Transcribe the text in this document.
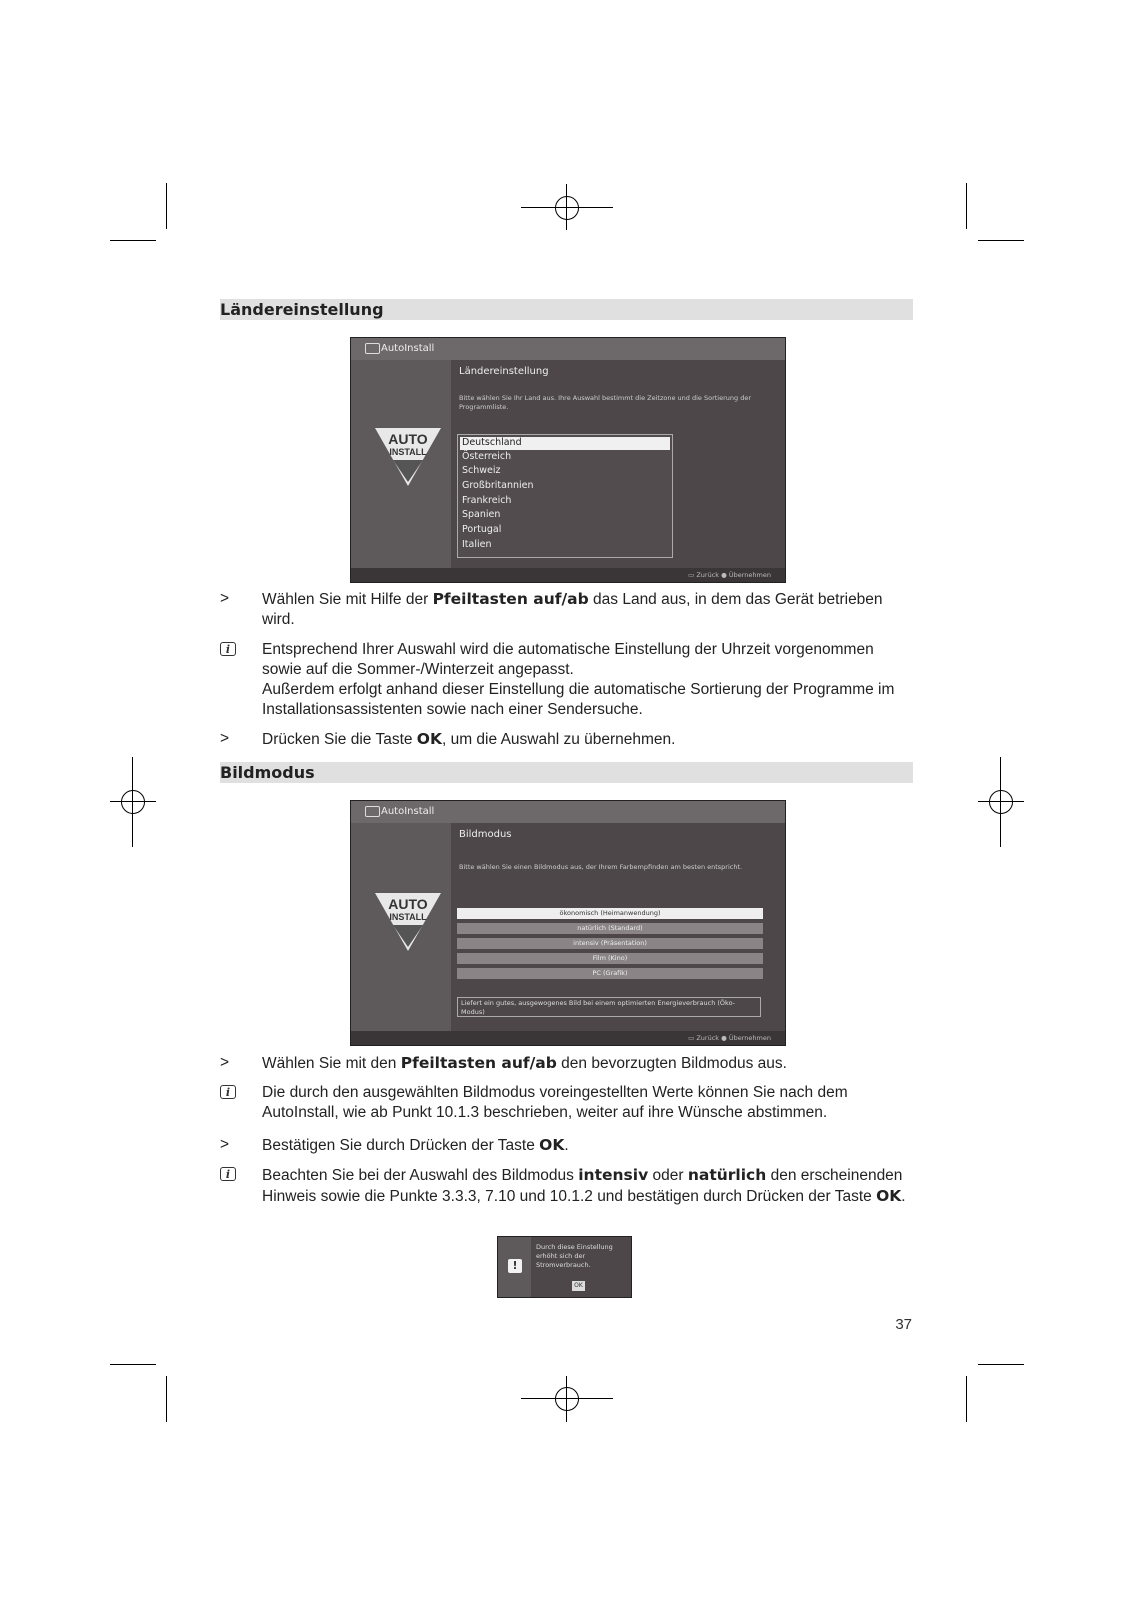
Ländereinstellung
AutoInstall
AUTO
INSTALL
Ländereinstellung
Bitte wählen Sie Ihr Land aus. Ihre Auswahl bestimmt die Zeitzone und die Sortierung der Programmliste.
Deutschland
Österreich
Schweiz
Großbritannien
Frankreich
Spanien
Portugal
Italien
▭ Zurück ● Übernehmen
> Wählen Sie mit Hilfe der Pfeiltasten auf/ab das Land aus, in dem das Gerät betrieben wird.
i	Entsprechend Ihrer Auswahl wird die automatische Einstellung der Uhrzeit vorgenommen sowie auf die Sommer-/Winterzeit angepasst.
Außerdem erfolgt anhand dieser Einstellung die automatische Sortierung der Programme im Installationsassistenten sowie nach einer Sendersuche.
> Drücken Sie die Taste OK, um die Auswahl zu übernehmen.
Bildmodus
AutoInstall
AUTO
INSTALL
Bildmodus
Bitte wählen Sie einen Bildmodus aus, der Ihrem Farbempfinden am besten entspricht.
ökonomisch (Heimanwendung)
natürlich (Standard)
intensiv (Präsentation)
Film (Kino)
PC (Grafik)
Liefert ein gutes, ausgewogenes Bild bei einem optimierten Energieverbrauch (Öko-Modus)
▭ Zurück ● Übernehmen
> Wählen Sie mit den Pfeiltasten auf/ab den bevorzugten Bildmodus aus.
i	Die durch den ausgewählten Bildmodus voreingestellten Werte können Sie nach dem AutoInstall, wie ab Punkt 10.1.3 beschrieben, weiter auf ihre Wünsche abstimmen.
> Bestätigen Sie durch Drücken der Taste OK.
i	Beachten Sie bei der Auswahl des Bildmodus intensiv oder natürlich den erscheinenden Hinweis sowie die Punkte 3.3.3, 7.10 und 10.1.2 und bestätigen durch Drücken der Taste OK.
!
Durch diese Einstellung erhöht sich der Stromverbrauch.
OK
37
